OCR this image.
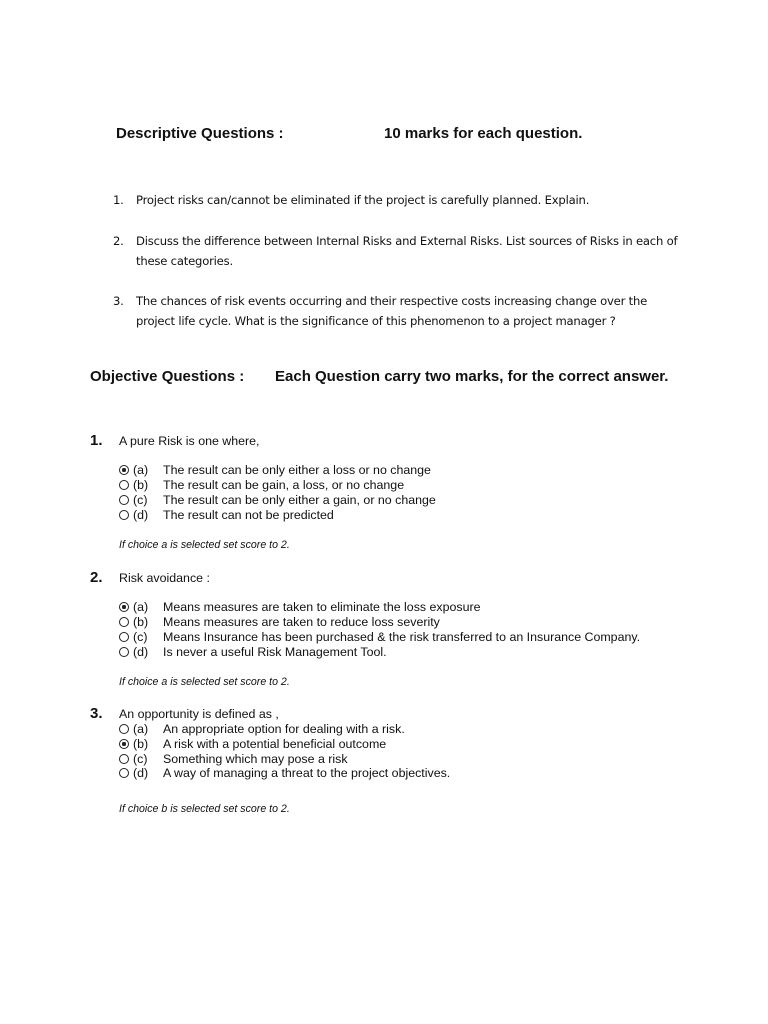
Descriptive Questions :	10 marks for each question.
1. Project risks can/cannot be eliminated if the project is carefully planned. Explain.
2. Discuss the difference between Internal Risks and External Risks. List sources of Risks in each of
these categories.
3. The chances of risk events occurring and their respective costs increasing change over the
project life cycle. What is the significance of this phenomenon to a project manager ?
Objective Questions : Each Question carry two marks, for the correct answer.
1. A pure Risk is one where,
(a) The result can be only either a loss or no change
(b) The result can be gain, a loss, or no change
(c) The result can be only either a gain, or no change
(d) The result can not be predicted
If choice a is selected set score to 2.
2. Risk avoidance :
(a) Means measures are taken to eliminate the loss exposure
(b) Means measures are taken to reduce loss severity
(c) Means Insurance has been purchased & the risk transferred to an Insurance Company.
(d) Is never a useful Risk Management Tool.
If choice a is selected set score to 2.
3. An opportunity is defined as ,
(a) An appropriate option for dealing with a risk.
(b) A risk with a potential beneficial outcome
(c) Something which may pose a risk
(d) A way of managing a threat to the project objectives.
If choice b is selected set score to 2.
